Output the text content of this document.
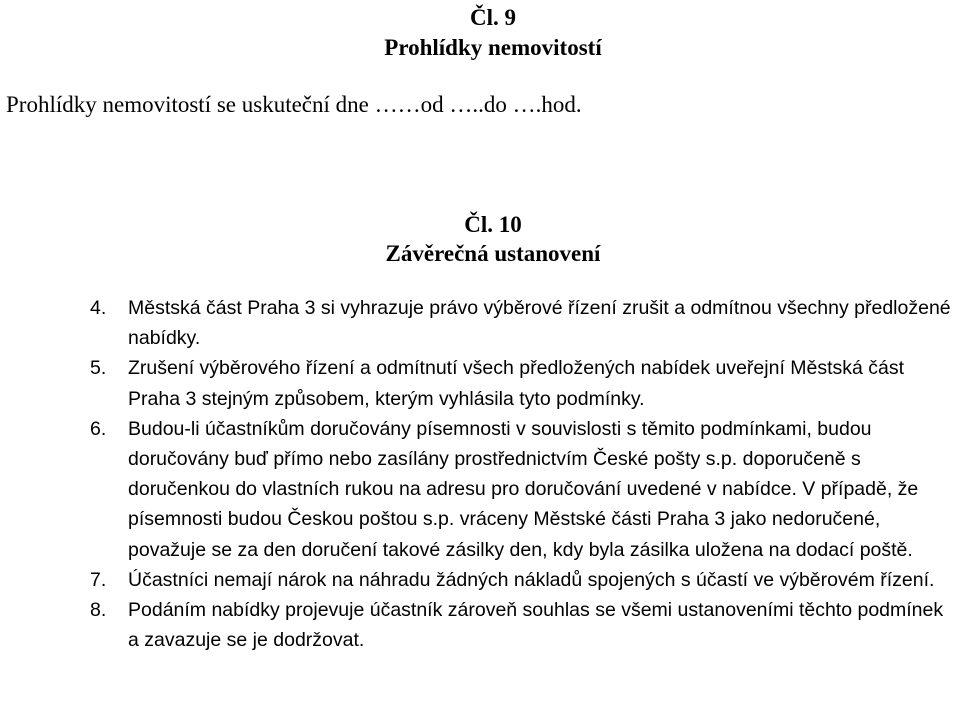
Čl. 9
Prohlídky nemovitostí
Prohlídky nemovitostí se uskuteční dne ……od …..do ….hod.
Čl. 10
Závěrečná ustanovení
4. Městská část Praha 3 si vyhrazuje právo výběrové řízení zrušit a odmítnou všechny předložené nabídky.
5. Zrušení výběrového řízení a odmítnutí všech předložených nabídek uveřejní Městská část Praha 3 stejným způsobem, kterým vyhlásila tyto podmínky.
6. Budou-li účastníkům doručovány písemnosti v souvislosti s těmito podmínkami, budou doručovány buď přímo nebo zasílány prostřednictvím České pošty s.p. doporučeně s doručenkou do vlastních rukou na adresu pro doručování uvedené v nabídce. V případě, že písemnosti budou Českou poštou s.p. vráceny Městské části Praha 3 jako nedoručené, považuje se za den doručení takové zásilky den, kdy byla zásilka uložena na dodací poště.
7. Účastníci nemají nárok na náhradu žádných nákladů spojených s účastí ve výběrovém řízení.
8. Podáním nabídky projevuje účastník zároveň souhlas se všemi ustanoveními těchto podmínek a zavazuje se je dodržovat.
